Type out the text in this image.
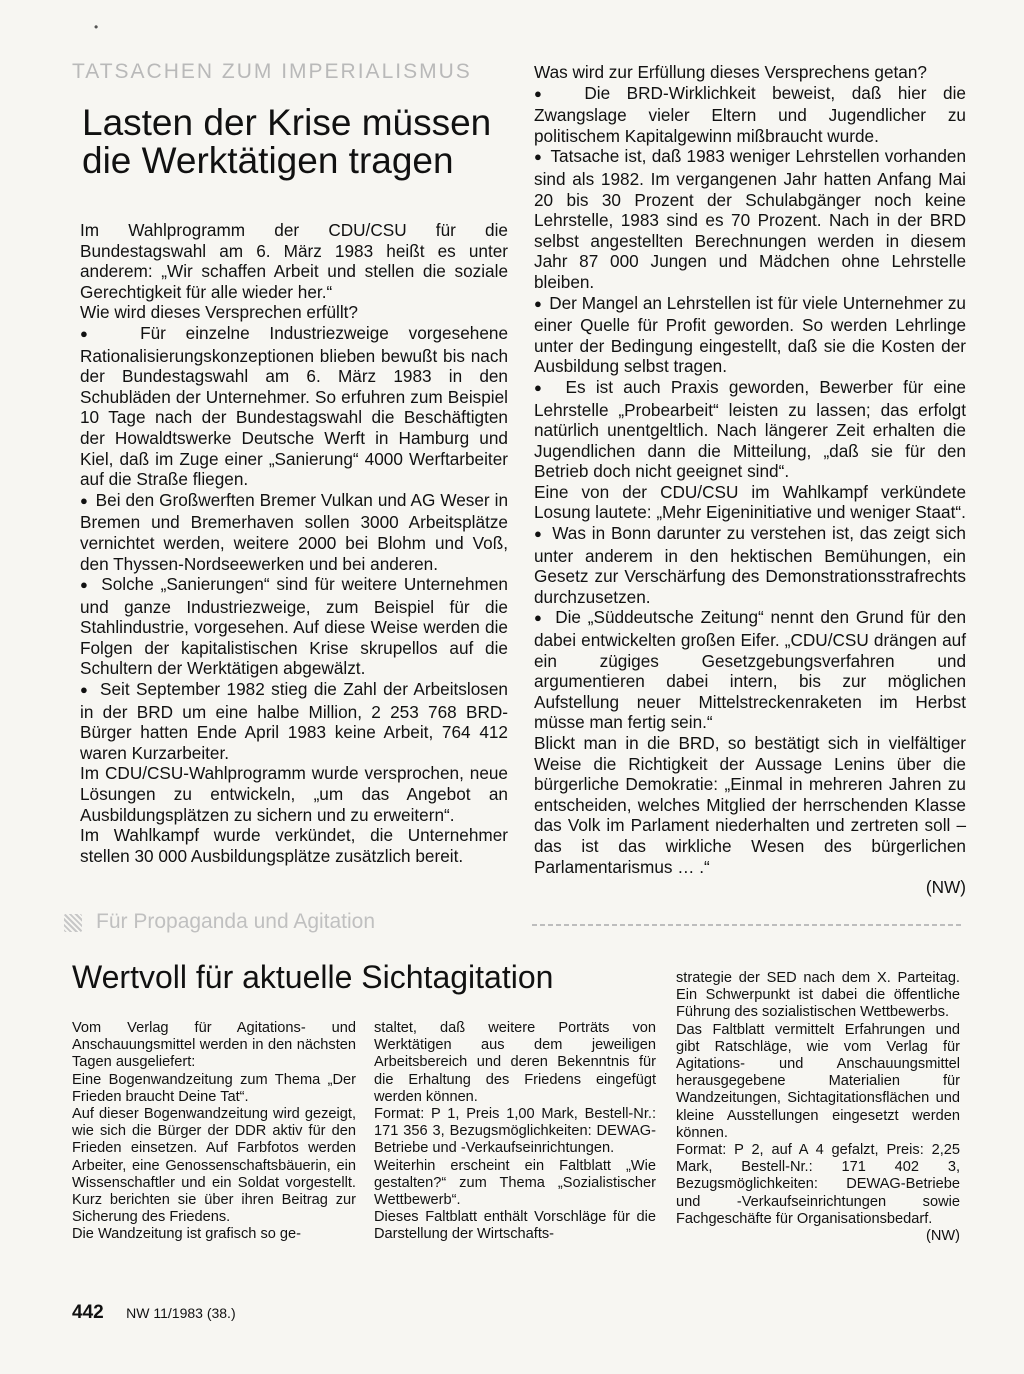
•
TATSACHEN ZUM IMPERIALISMUS
Lasten der Krise müssen die Werktätigen tragen

Im Wahlprogramm der CDU/CSU für die Bundestagswahl am 6. März 1983 heißt es unter anderem: „Wir schaffen Arbeit und stellen die soziale Gerechtigkeit für alle wieder her.“

Wie wird dieses Versprechen erfüllt?

●  Für einzelne Industriezweige vorgesehene Rationalisierungskonzeptionen blieben bewußt bis nach der Bundestagswahl am 6. März 1983 in den Schubläden der Unternehmer. So erfuhren zum Beispiel 10 Tage nach der Bundestagswahl die Beschäftigten der Howaldtswerke Deutsche Werft in Hamburg und Kiel, daß im Zuge einer „Sanierung“ 4000 Werftarbeiter auf die Straße fliegen.

●  Bei den Großwerften Bremer Vulkan und AG Weser in Bremen und Bremerhaven sollen 3000 Arbeitsplätze vernichtet werden, weitere 2000 bei Blohm und Voß, den Thyssen-Nordseewerken und bei anderen.

●  Solche „Sanierungen“ sind für weitere Unternehmen und ganze Industriezweige, zum Beispiel für die Stahlindustrie, vorgesehen. Auf diese Weise werden die Folgen der kapitalistischen Krise skrupellos auf die Schultern der Werktätigen abgewälzt.

●  Seit September 1982 stieg die Zahl der Arbeitslosen in der BRD um eine halbe Million, 2 253 768 BRD-Bürger hatten Ende April 1983 keine Arbeit, 764 412 waren Kurzarbeiter.

Im CDU/CSU-Wahlprogramm wurde versprochen, neue Lösungen zu entwickeln, „um das Angebot an Ausbildungsplätzen zu sichern und zu erweitern“.

Im Wahlkampf wurde verkündet, die Unternehmer stellen 30 000 Ausbildungsplätze zusätzlich bereit.

Was wird zur Erfüllung dieses Versprechens getan?

●  Die BRD-Wirklichkeit beweist, daß hier die Zwangslage vieler Eltern und Jugendlicher zu politischem Kapitalgewinn mißbraucht wurde.

●  Tatsache ist, daß 1983 weniger Lehrstellen vorhanden sind als 1982. Im vergangenen Jahr hatten Anfang Mai 20 bis 30 Prozent der Schulabgänger noch keine Lehrstelle, 1983 sind es 70 Prozent. Nach in der BRD selbst angestellten Berechnungen werden in diesem Jahr 87 000 Jungen und Mädchen ohne Lehrstelle bleiben.

●  Der Mangel an Lehrstellen ist für viele Unternehmer zu einer Quelle für Profit geworden. So werden Lehrlinge unter der Bedingung eingestellt, daß sie die Kosten der Ausbildung selbst tragen.

●  Es ist auch Praxis geworden, Bewerber für eine Lehrstelle „Probearbeit“ leisten zu lassen; das erfolgt natürlich unentgeltlich. Nach längerer Zeit erhalten die Jugendlichen dann die Mitteilung, „daß sie für den Betrieb doch nicht geeignet sind“.

Eine von der CDU/CSU im Wahlkampf verkündete Losung lautete: „Mehr Eigeninitiative und weniger Staat“.

●  Was in Bonn darunter zu verstehen ist, das zeigt sich unter anderem in den hektischen Bemühungen, ein Gesetz zur Verschärfung des Demonstrationsstrafrechts durchzusetzen.

●  Die „Süddeutsche Zeitung“ nennt den Grund für den dabei entwickelten großen Eifer. „CDU/CSU drängen auf ein zügiges Gesetzgebungsverfahren und argumentieren dabei intern, bis zur möglichen Aufstellung neuer Mittelstreckenraketen im Herbst müsse man fertig sein.“

Blickt man in die BRD, so bestätigt sich in vielfältiger Weise die Richtigkeit der Aussage Lenins über die bürgerliche Demokratie: „Einmal in mehreren Jahren zu entscheiden, welches Mitglied der herrschenden Klasse das Volk im Parlament niederhalten und zertreten soll – das ist das wirkliche Wesen des bürgerlichen Parlamentarismus … .“

(NW)

Für Propaganda und Agitation
Wertvoll für aktuelle Sichtagitation

Vom Verlag für Agitations- und Anschauungsmittel werden in den nächsten Tagen ausgeliefert:

Eine Bogenwandzeitung zum Thema „Der Frieden braucht Deine Tat“.

Auf dieser Bogenwandzeitung wird gezeigt, wie sich die Bürger der DDR aktiv für den Frieden einsetzen. Auf Farbfotos werden Arbeiter, eine Genossenschaftsbäuerin, ein Wissenschaftler und ein Soldat vorgestellt. Kurz berichten sie über ihren Beitrag zur Sicherung des Friedens.

Die Wandzeitung ist grafisch so ge-

staltet, daß weitere Porträts von Werktätigen aus dem jeweiligen Arbeitsbereich und deren Bekenntnis für die Erhaltung des Friedens eingefügt werden können.

Format: P 1, Preis 1,00 Mark, Bestell-Nr.: 171 356 3, Bezugsmöglichkeiten: DEWAG-Betriebe und -Verkaufseinrichtungen.

Weiterhin erscheint ein Faltblatt „Wie gestalten?“ zum Thema „Sozialistischer Wettbewerb“.

Dieses Faltblatt enthält Vorschläge für die Darstellung der Wirtschafts-

strategie der SED nach dem X. Parteitag. Ein Schwerpunkt ist dabei die öffentliche Führung des sozialistischen Wettbewerbs.

Das Faltblatt vermittelt Erfahrungen und gibt Ratschläge, wie vom Verlag für Agitations- und Anschauungsmittel herausgegebene Materialien für Wandzeitungen, Sichtagitationsflächen und kleine Ausstellungen eingesetzt werden können.

Format: P 2, auf A 4 gefalzt, Preis: 2,25 Mark, Bestell-Nr.: 171 402 3, Bezugsmöglichkeiten: DEWAG-Betriebe und -Verkaufseinrichtungen sowie Fachgeschäfte für Organisationsbedarf.

(NW)

442 NW 11/1983 (38.)
